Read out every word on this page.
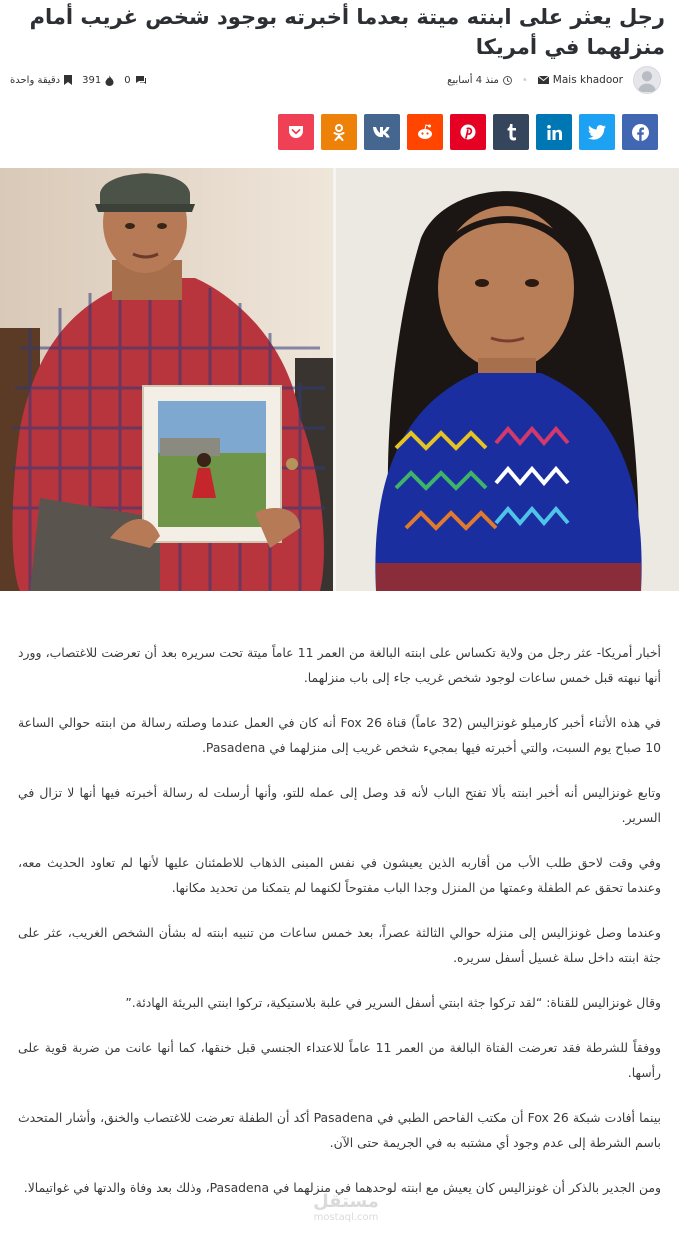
رجل يعثر على ابنته ميتة بعدما أخبرته بوجود شخص غريب أمام منزلهما في أمريكا
دقيقة واحدة 391 0	منذ 4 أسابيع • Mais khadoor

أخبار أمريكا- عثر رجل من ولاية تكساس على ابنته البالغة من العمر 11 عاماً ميتة تحت سريره بعد أن تعرضت للاغتصاب، وورد أنها نبهته قبل خمس ساعات لوجود شخص غريب جاء إلى باب منزلهما.

في هذه الأثناء أخبر كارميلو غونزاليس (32 عاماً) قناة Fox 26 أنه كان في العمل عندما وصلته رسالة من ابنته حوالي الساعة 10 صباح يوم السبت، والتي أخبرته فيها بمجيء شخص غريب إلى منزلهما في Pasadena.

وتابع غونزاليس أنه أخبر ابنته بألا تفتح الباب لأنه قد وصل إلى عمله للتو، وأنها أرسلت له رسالة أخبرته فيها أنها لا تزال في السرير.

وفي وقت لاحق طلب الأب من أقاربه الذين يعيشون في نفس المبنى الذهاب للاطمئنان عليها لأنها لم تعاود الحديث معه، وعندما تحقق عم الطفلة وعمتها من المنزل وجدا الباب مفتوحاً لكنهما لم يتمكنا من تحديد مكانها.

وعندما وصل غونزاليس إلى منزله حوالي الثالثة عصراً، بعد خمس ساعات من تنبيه ابنته له بشأن الشخص الغريب، عثر على جثة ابنته داخل سلة غسيل أسفل سريره.

وقال غونزاليس للقناة: “لقد تركوا جثة ابنتي أسفل السرير في علبة بلاستيكية، تركوا ابنتي البريئة الهادئة.”

ووفقاً للشرطة فقد تعرضت الفتاة البالغة من العمر 11 عاماً للاعتداء الجنسي قبل خنقها، كما أنها عانت من ضربة قوية على رأسها.

بينما أفادت شبكة Fox 26 أن مكتب الفاحص الطبي في Pasadena أكد أن الطفلة تعرضت للاغتصاب والخنق، وأشار المتحدث باسم الشرطة إلى عدم وجود أي مشتبه به في الجريمة حتى الآن.

ومن الجدير بالذكر أن غونزاليس كان يعيش مع ابنته لوحدهما في منزلهما في Pasadena، وذلك بعد وفاة والدتها في غواتيمالا.

مستقل
mostaql.com
